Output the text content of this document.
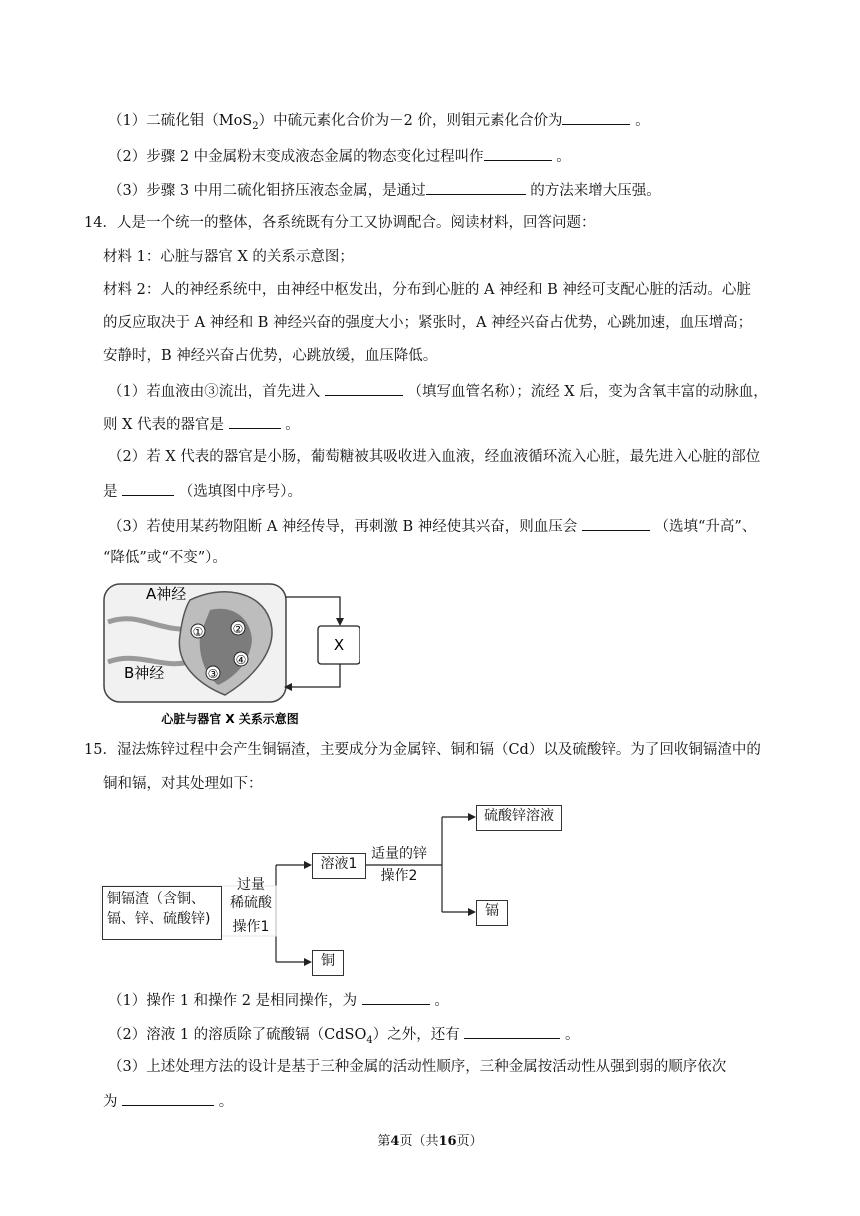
（1）二硫化钼（MoS$_2$）中硫元素化合价为－2 价，则钼元素化合价为	。
（2）步骤 2 中金属粉末变成液态金属的物态变化过程叫作	。
（3）步骤 3 中用二硫化钼挤压液态金属，是通过	的方法来增大压强。
14．人是一个统一的整体，各系统既有分工又协调配合。阅读材料，回答问题：
材料 1：心脏与器官 X 的关系示意图；
材料 2：人的神经系统中，由神经中枢发出，分布到心脏的 A 神经和 B 神经可支配心脏的活动。心脏
的反应取决于 A 神经和 B 神经兴奋的强度大小；紧张时，A 神经兴奋占优势，心跳加速，血压增高；
安静时，B 神经兴奋占优势，心跳放缓，血压降低。
（1）若血液由③流出，首先进入	（填写血管名称）；流经 X 后，变为含氧丰富的动脉血，
则 X 代表的器官是	。
（2）若 X 代表的器官是小肠，葡萄糖被其吸收进入血液，经血液循环流入心脏，最先进入心脏的部位
是	（选填图中序号）。
（3）若使用某药物阻断 A 神经传导，再刺激 B 神经使其兴奋，则血压会	（选填“升高”、
“降低”或“不变”）。
① ②
③
④
A神经
B神经
X
心脏与器官 X 关系示意图
15．湿法炼锌过程中会产生铜镉渣，主要成分为金属锌、铜和镉（Cd）以及硫酸锌。为了回收铜镉渣中的
铜和镉，对其处理如下：
铜镉渣（含铜、
镉、锌、硫酸锌)
过量
稀硫酸
操作1
溶液1
铜
适量的锌
操作2
硫酸锌溶液
镉
（1）操作 1 和操作 2 是相同操作，为	。
（2）溶液 1 的溶质除了硫酸镉（CdSO$_4$）之外，还有	。
（3）上述处理方法的设计是基于三种金属的活动性顺序，三种金属按活动性从强到弱的顺序依次
为	。
第4页（共16页）
